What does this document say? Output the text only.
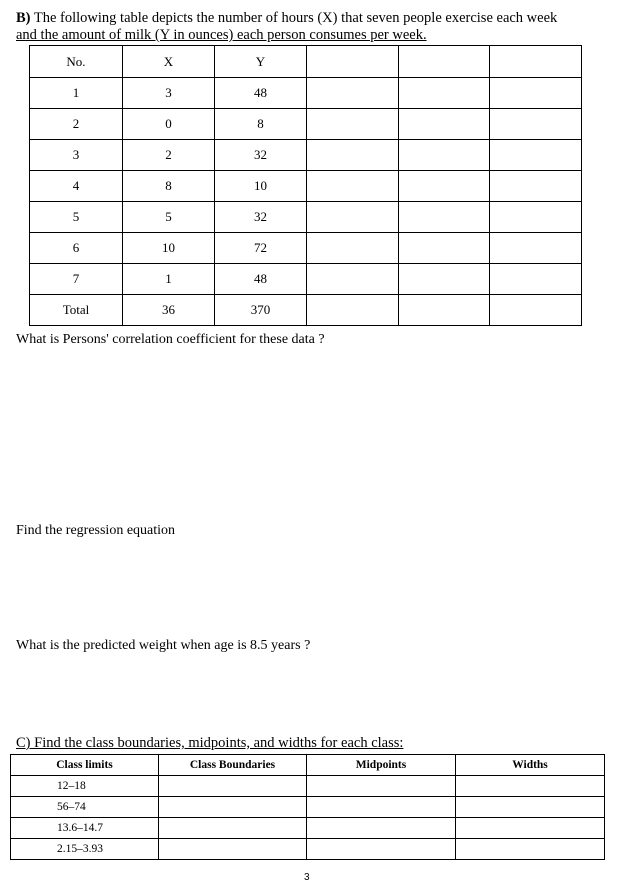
B) The following table depicts the number of hours (X) that seven people exercise each week
and the amount of milk (Y in ounces) each person consumes per week.
No.	X	Y			
1	3	48			
2	0	8			
3	2	32			
4	8	10			
5	5	32			
6	10	72			
7	1	48			
Total	36	370			
What is Persons' correlation coefficient for these data ?
Find the regression equation
What is the predicted weight when age is 8.5 years ?
C) Find the class boundaries, midpoints, and widths for each class:
Class limits	Class Boundaries	Midpoints	Widths
12–18			
56–74			
13.6–14.7			
2.15–3.93			
3
